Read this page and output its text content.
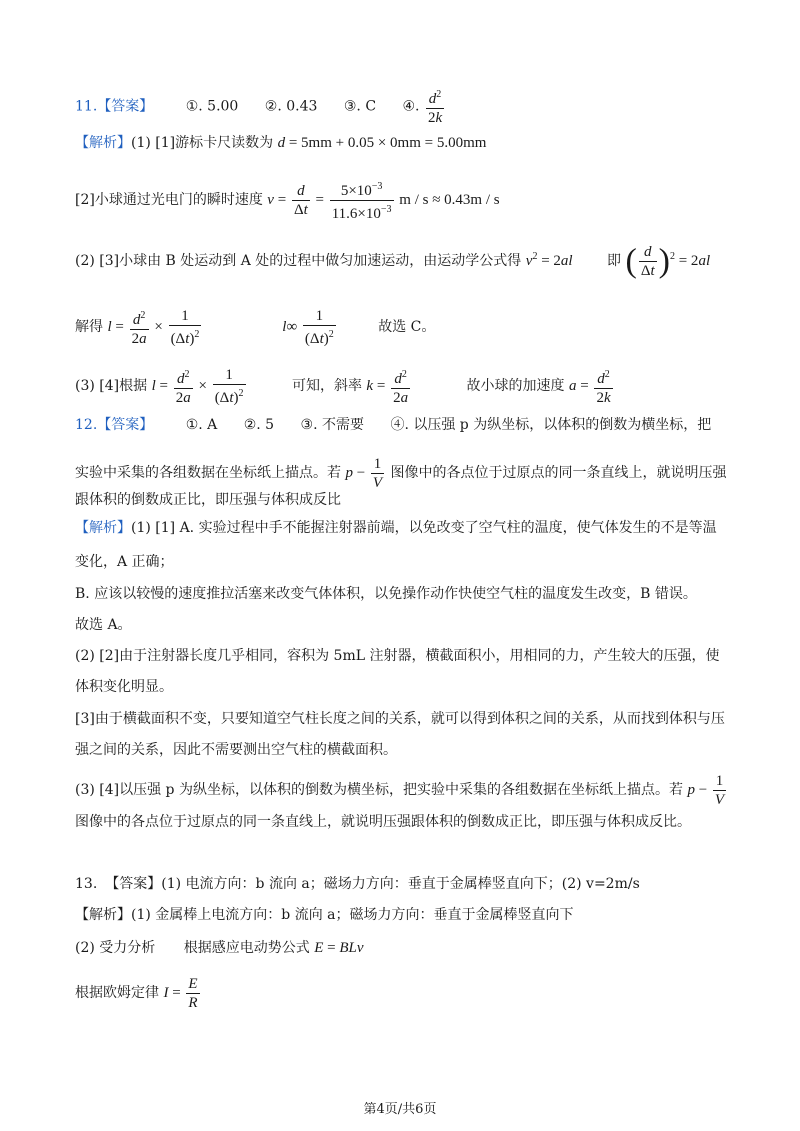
11.【答案】 ①. 5.00 ②. 0.43 ③. C ④. $\frac{d^2}{2k}$
【解析】(1) [1]游标卡尺读数为 d = 5mm + 0.05 × 0mm = 5.00mm
[2]小球通过光电门的瞬时速度 $v = \frac{d}{\Delta t} = \frac{5\times 10^{-3}}{11.6\times 10^{-3}}$ m / s ≈ 0.43m / s
(2) [3]小球由 B 处运动到 A 处的过程中做匀加速运动，由运动学公式得 $v^2 = 2al$ 即 ( $\frac{d}{\Delta t} )^2 = 2al$
解得 $l = \frac{d^2}{2a} \times \frac{1}{(\Delta t)^2}$	$l\infty \frac{1}{(\Delta t)^2}$	故选 C。
(3) [4]根据 $l = \frac{d^2}{2a} \times \frac{1}{(\Delta t)^2}$	可知，斜率 $k = \frac{d^2}{2a}$	故小球的加速度 $a = \frac{d^2}{2k}$
12.【答案】 ①. A ②. 5 ③. 不需要 ④. 以压强 p 为纵坐标，以体积的倒数为横坐标，把
实验中采集的各组数据在坐标纸上描点。若 $p - \frac{1}{V}$ 图像中的各点位于过原点的同一条直线上，就说明压强
跟体积的倒数成正比，即压强与体积成反比
【解析】(1) [1] A. 实验过程中手不能握注射器前端，以免改变了空气柱的温度，使气体发生的不是等温
变化，A 正确；
B. 应该以较慢的速度推拉活塞来改变气体体积，以免操作动作快使空气柱的温度发生改变，B 错误。
故选 A。
(2) [2]由于注射器长度几乎相同，容积为 5mL 注射器，横截面积小，用相同的力，产生较大的压强，使
体积变化明显。
[3]由于横截面积不变，只要知道空气柱长度之间的关系，就可以得到体积之间的关系，从而找到体积与压
强之间的关系，因此不需要测出空气柱的横截面积。
(3) [4]以压强 p 为纵坐标，以体积的倒数为横坐标，把实验中采集的各组数据在坐标纸上描点。若 $p - \frac{1}{V}$
图像中的各点位于过原点的同一条直线上，就说明压强跟体积的倒数成正比，即压强与体积成反比。
13. 【答案】(1) 电流方向：b 流向 a；磁场力方向：垂直于金属棒竖直向下；(2) v=2m/s
【解析】(1) 金属棒上电流方向：b 流向 a；磁场力方向：垂直于金属棒竖直向下
(2) 受力分析 根据感应电动势公式 E = BLv
根据欧姆定律 $I = \frac{E}{R}$
第4页/共6页
